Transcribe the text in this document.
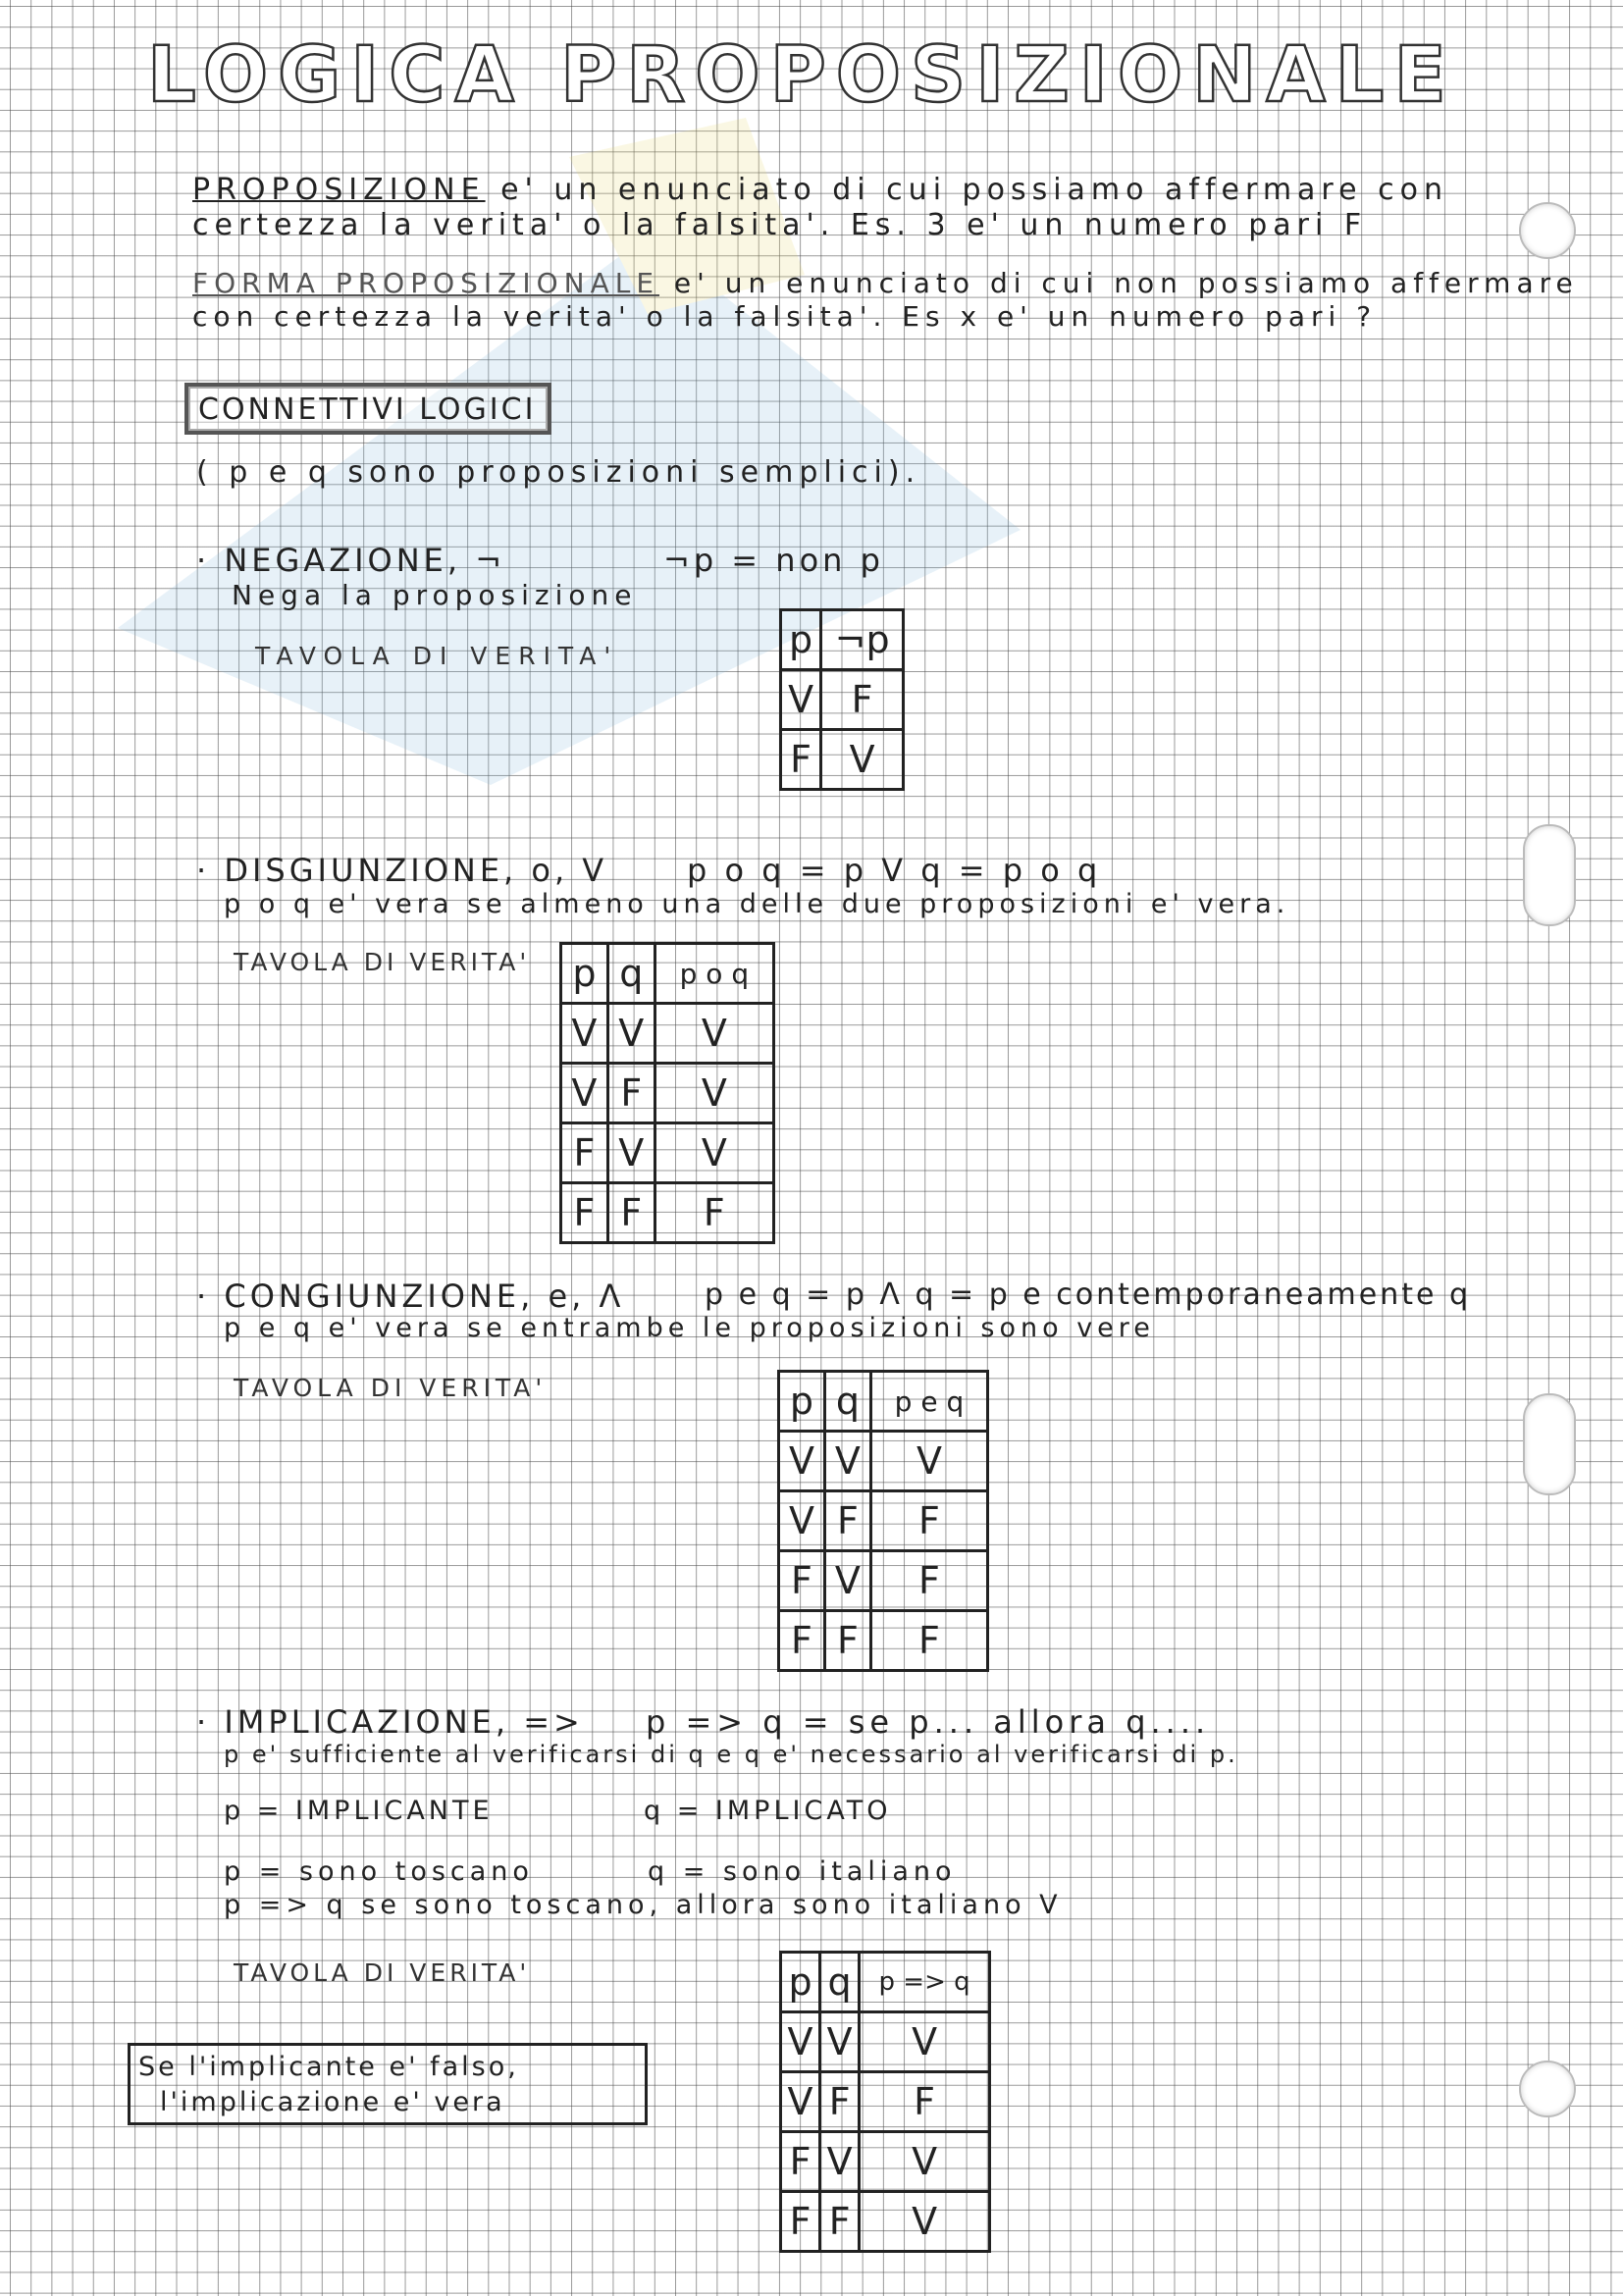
LOGICA PROPOSIZIONALE
PROPOSIZIONE e' un enunciato di cui possiamo affermare con
certezza la verita' o la falsita'. Es. 3 e' un numero pari F
FORMA PROPOSIZIONALE e' un enunciato di cui non possiamo affermare
con certezza la verita' o la falsita'. Es x e' un numero pari ?
CONNETTIVI LOGICI
( p e q sono proposizioni semplici).
· NEGAZIONE, ¬	¬p = non p
Nega la proposizione
TAVOLA DI VERITA'	p	¬p
V	F
F	V
· DISGIUNZIONE, o, V	p o q = p V q = p o q
p o q e' vera se almeno una delle due proposizioni e' vera.
TAVOLA DI VERITA' p	q	p o q
V	V	V
V	F	V
F	V	V
F	F	F
· CONGIUNZIONE, e, Λ	p e q = p Λ q = p e contemporaneamente q
p e q e' vera se entrambe le proposizioni sono vere
TAVOLA DI VERITA'	p	q	p e q
V	V	V
V	F	F
F	V	F
F	F	F
· IMPLICAZIONE, => p => q = se p... allora q....
p e' sufficiente al verificarsi di q e q e' necessario al verificarsi di p.
p = IMPLICANTE	q = IMPLICATO
p = sono toscano	q = sono italiano
p => q se sono toscano, allora sono italiano V
TAVOLA DI VERITA'	p	q	p => q
V	V	V
V	F	F
F	V	V
F	F	V
Se l'implicante e' falso,
l'implicazione e' vera
